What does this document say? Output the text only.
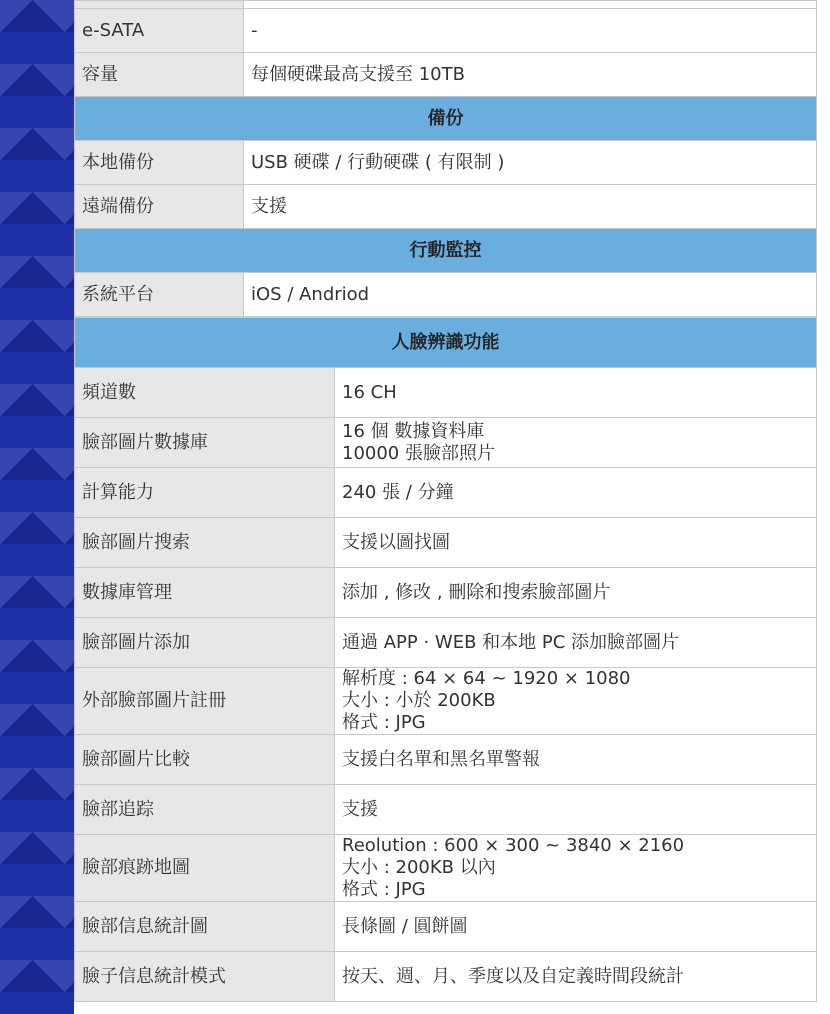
e-SATA	-
容量	每個硬碟最高支援至 10TB
備份	
本地備份	USB 硬碟 / 行動硬碟 ( 有限制 )
遠端備份	支援
行動監控	
系統平台	iOS / Andriod
人臉辨識功能	
頻道數	16 CH
臉部圖片數據庫	16 個 數據資料庫
10000 張臉部照片
計算能力	240 張 / 分鐘
臉部圖片搜索	支援以圖找圖
數據庫管理	添加 , 修改 , 刪除和搜索臉部圖片
臉部圖片添加	通過 APP · WEB 和本地 PC 添加臉部圖片
外部臉部圖片註冊	解析度 : 64 × 64 ~ 1920 × 1080
大小 : 小於 200KB
格式 : JPG
臉部圖片比較	支援白名單和黑名單警報
臉部追踪	支援
臉部痕跡地圖	Reolution : 600 × 300 ~ 3840 × 2160
大小 : 200KB 以內
格式 : JPG
臉部信息統計圖	長條圖 / 圓餅圖
臉子信息統計模式	按天、週、月、季度以及自定義時間段統計
